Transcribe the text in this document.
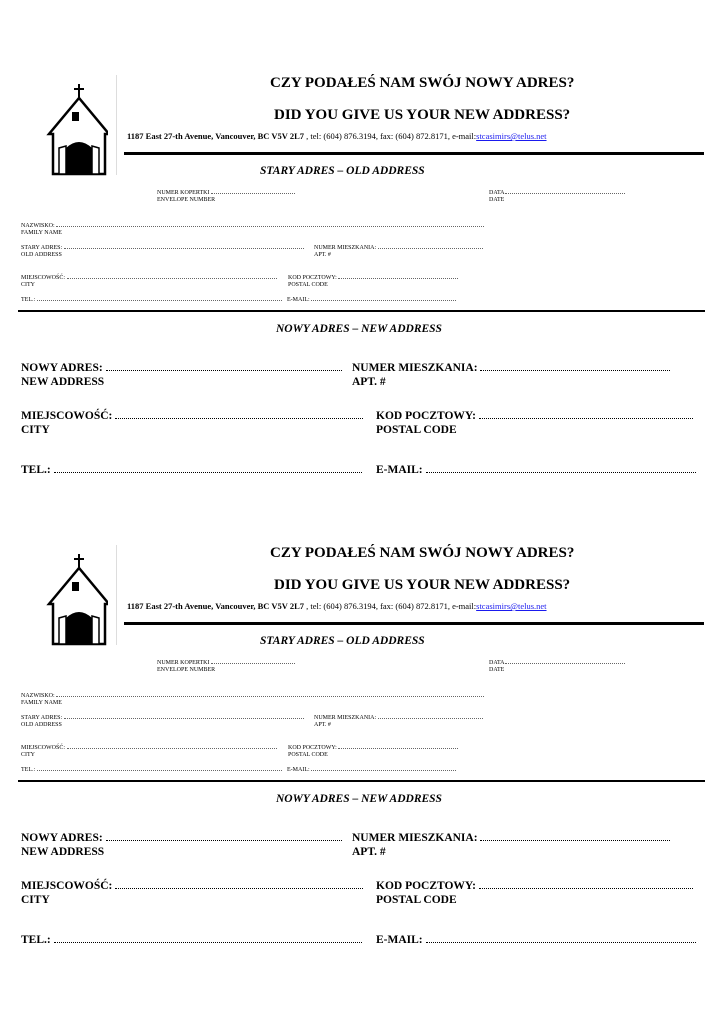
CZY PODAŁEŚ NAM SWÓJ NOWY ADRES?
DID YOU GIVE US YOUR NEW ADDRESS?
1187 East 27-th Avenue, Vancouver, BC V5V 2L7 , tel: (604) 876.3194, fax: (604) 872.8171, e-mail:stcasimirs@telus.net
STARY ADRES – OLD ADDRESS
NUMER KOPERTKI
ENVELOPE NUMBER
DATA
DATE
NAZWISKO:
FAMILY NAME
STARY ADRES:
OLD ADDRESS
NUMER MIESZKANIA:
APT. #
MIEJSCOWOŚĆ:
CITY
KOD POCZTOWY:
POSTAL CODE
TEL.:	E-MAIL:
NOWY ADRES – NEW ADDRESS
NOWY ADRES:
NEW ADDRESS
NUMER MIESZKANIA:
APT. #
MIEJSCOWOŚĆ:
CITY
KOD POCZTOWY:
POSTAL CODE
TEL.:	E-MAIL:
CZY PODAŁEŚ NAM SWÓJ NOWY ADRES?
DID YOU GIVE US YOUR NEW ADDRESS?
1187 East 27-th Avenue, Vancouver, BC V5V 2L7 , tel: (604) 876.3194, fax: (604) 872.8171, e-mail:stcasimirs@telus.net
STARY ADRES – OLD ADDRESS
NUMER KOPERTKI
ENVELOPE NUMBER
DATA
DATE
NAZWISKO:
FAMILY NAME
STARY ADRES:
OLD ADDRESS
NUMER MIESZKANIA:
APT. #
MIEJSCOWOŚĆ:
CITY
KOD POCZTOWY:
POSTAL CODE
TEL.:	E-MAIL:
NOWY ADRES – NEW ADDRESS
NOWY ADRES:
NEW ADDRESS
NUMER MIESZKANIA:
APT. #
MIEJSCOWOŚĆ:
CITY
KOD POCZTOWY:
POSTAL CODE
TEL.:	E-MAIL:
